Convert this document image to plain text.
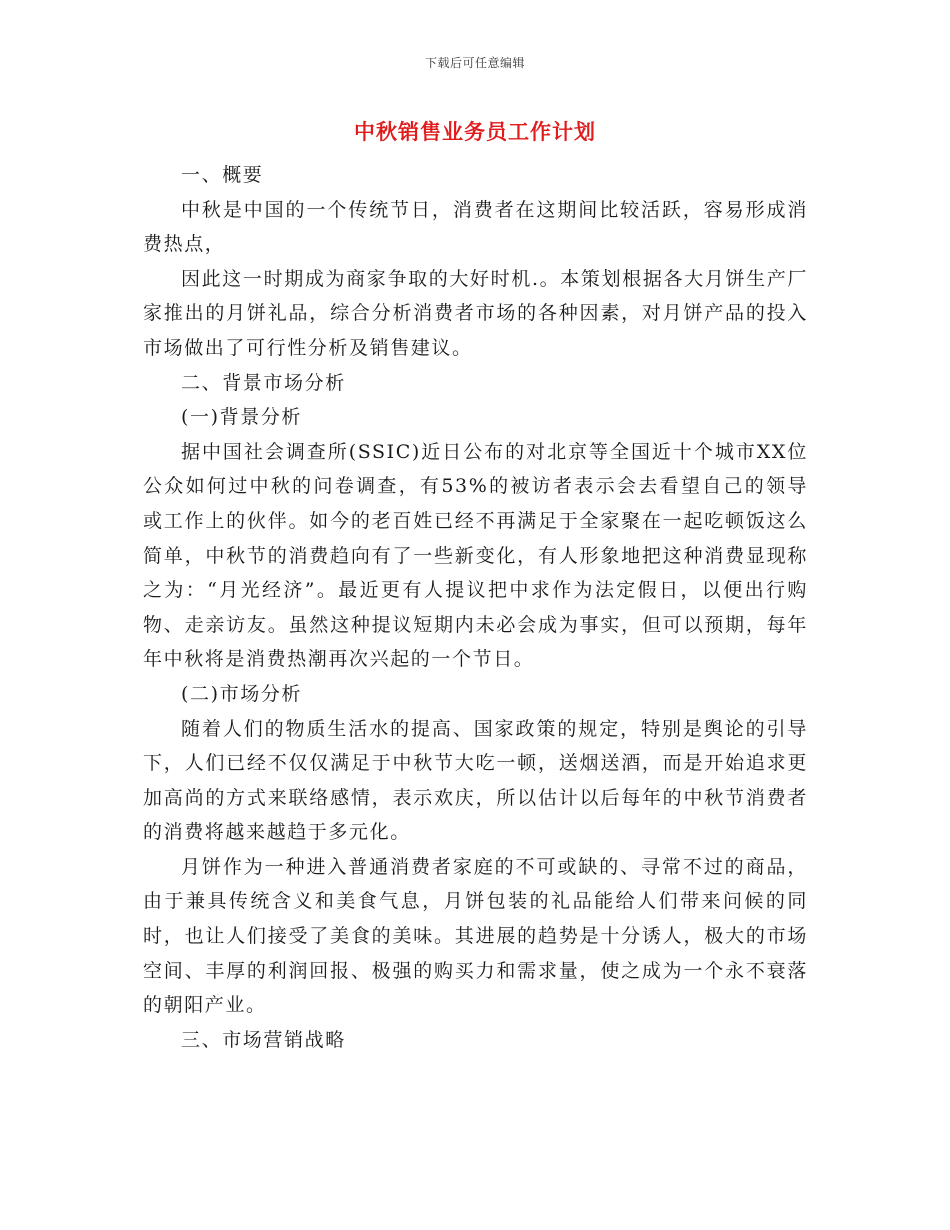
下载后可任意编辑
中秋销售业务员工作计划

一、概要

中秋是中国的一个传统节日，消费者在这期间比较活跃，容易形成消费热点，

因此这一时期成为商家争取的大好时机.。本策划根据各大月饼生产厂家推出的月饼礼品，综合分析消费者市场的各种因素，对月饼产品的投入市场做出了可行性分析及销售建议。

二、背景市场分析

(一)背景分析

据中国社会调查所(SSIC)近日公布的对北京等全国近十个城市XX位公众如何过中秋的问卷调查，有53%的被访者表示会去看望自己的领导或工作上的伙伴。如今的老百姓已经不再满足于全家聚在一起吃顿饭这么简单，中秋节的消费趋向有了一些新变化，有人形象地把这种消费显现称之为：“月光经济”。最近更有人提议把中求作为法定假日，以便出行购物、走亲访友。虽然这种提议短期内未必会成为事实，但可以预期，每年年中秋将是消费热潮再次兴起的一个节日。

(二)市场分析

随着人们的物质生活水的提高、国家政策的规定，特别是舆论的引导下，人们已经不仅仅满足于中秋节大吃一顿，送烟送酒，而是开始追求更加高尚的方式来联络感情，表示欢庆，所以估计以后每年的中秋节消费者的消费将越来越趋于多元化。

月饼作为一种进入普通消费者家庭的不可或缺的、寻常不过的商品，由于兼具传统含义和美食气息，月饼包装的礼品能给人们带来问候的同时，也让人们接受了美食的美味。其进展的趋势是十分诱人，极大的市场空间、丰厚的利润回报、极强的购买力和需求量，使之成为一个永不衰落的朝阳产业。

三、市场营销战略
